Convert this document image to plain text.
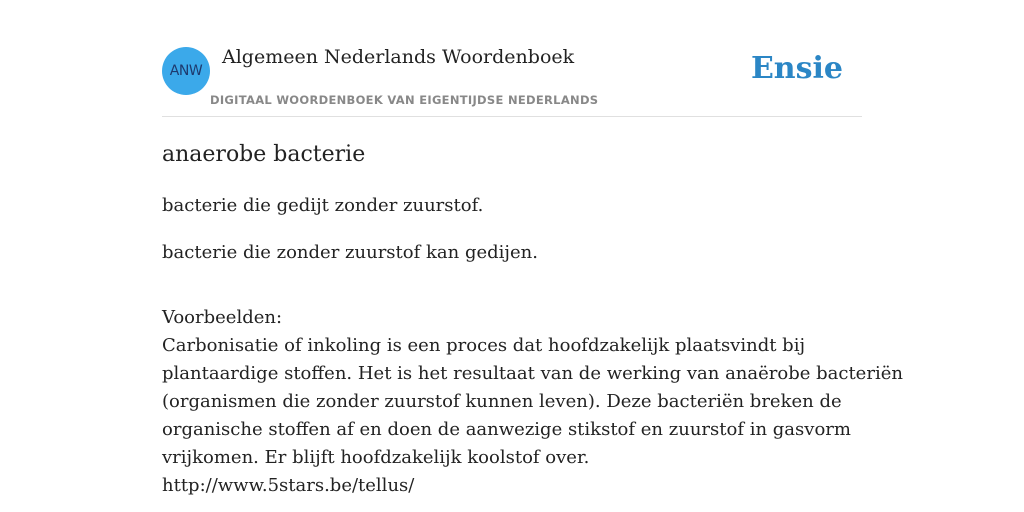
ANW
Algemeen Nederlands Woordenboek
DIGITAAL WOORDENBOEK VAN EIGENTIJDSE NEDERLANDS
Ensie
anaerobe bacterie

bacterie die gedijt zonder zuurstof.

bacterie die zonder zuurstof kan gedijen.

Voorbeelden:
Carbonisatie of inkoling is een proces dat hoofdzakelijk plaatsvindt bij
plantaardige stoffen. Het is het resultaat van de werking van anaërobe bacteriën
(organismen die zonder zuurstof kunnen leven). Deze bacteriën breken de
organische stoffen af en doen de aanwezige stikstof en zuurstof in gasvorm
vrijkomen. Er blijft hoofdzakelijk koolstof over.
http://www.5stars.be/tellus/
